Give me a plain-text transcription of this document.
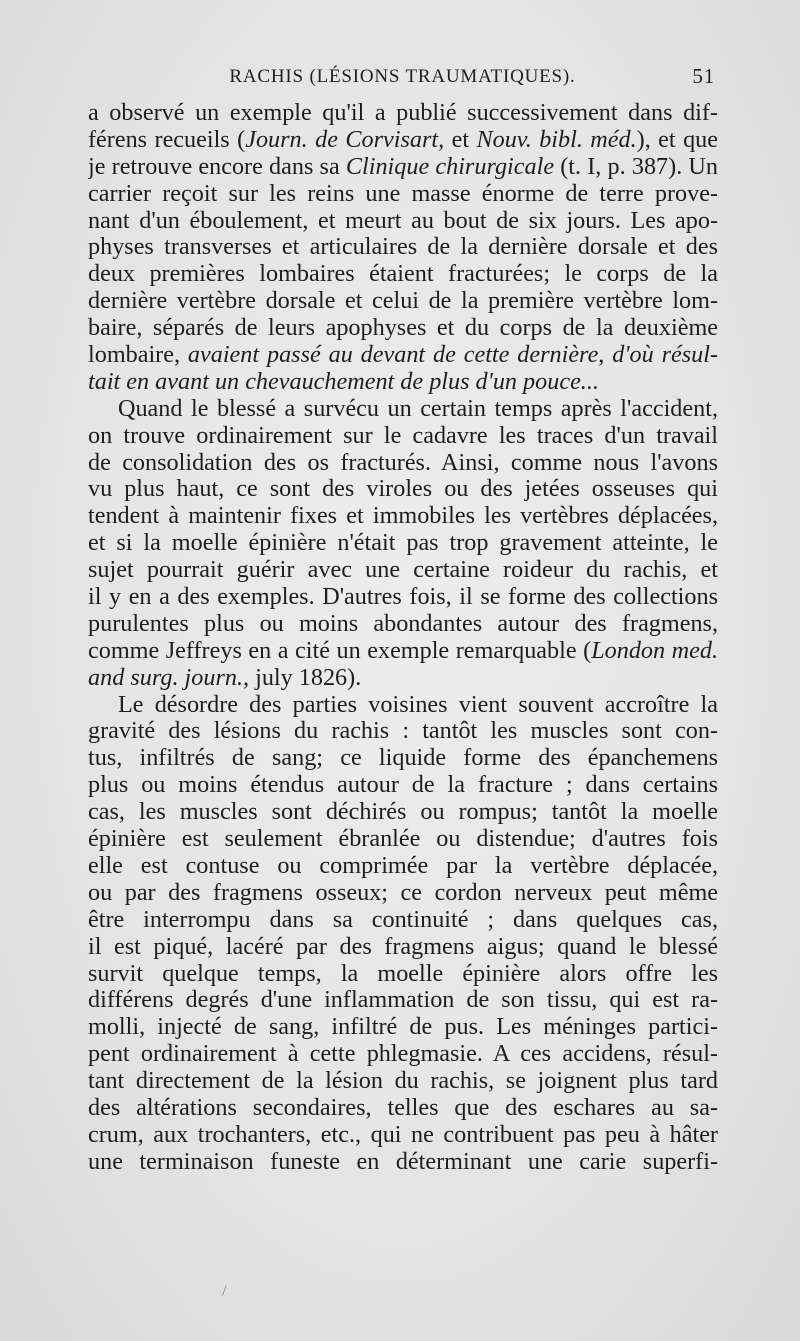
RACHIS (LÉSIONS TRAUMATIQUES).	51
a observé un exemple qu'il a publié successivement dans dif-
férens recueils (Journ. de Corvisart, et Nouv. bibl. méd.), et que
je retrouve encore dans sa Clinique chirurgicale (t. I, p. 387). Un
carrier reçoit sur les reins une masse énorme de terre prove-
nant d'un éboulement, et meurt au bout de six jours. Les apo-
physes transverses et articulaires de la dernière dorsale et des
deux premières lombaires étaient fracturées; le corps de la
dernière vertèbre dorsale et celui de la première vertèbre lom-
baire, séparés de leurs apophyses et du corps de la deuxième
lombaire, avaient passé au devant de cette dernière, d'où résul-
tait en avant un chevauchement de plus d'un pouce...
Quand le blessé a survécu un certain temps après l'accident,
on trouve ordinairement sur le cadavre les traces d'un travail
de consolidation des os fracturés. Ainsi, comme nous l'avons
vu plus haut, ce sont des viroles ou des jetées osseuses qui
tendent à maintenir fixes et immobiles les vertèbres déplacées,
et si la moelle épinière n'était pas trop gravement atteinte, le
sujet pourrait guérir avec une certaine roideur du rachis, et
il y en a des exemples. D'autres fois, il se forme des collections
purulentes plus ou moins abondantes autour des fragmens,
comme Jeffreys en a cité un exemple remarquable (London med.
and surg. journ., july 1826).
Le désordre des parties voisines vient souvent accroître la
gravité des lésions du rachis : tantôt les muscles sont con-
tus, infiltrés de sang; ce liquide forme des épanchemens
plus ou moins étendus autour de la fracture ; dans certains
cas, les muscles sont déchirés ou rompus; tantôt la moelle
épinière est seulement ébranlée ou distendue; d'autres fois
elle est contuse ou comprimée par la vertèbre déplacée,
ou par des fragmens osseux; ce cordon nerveux peut même
être interrompu dans sa continuité ; dans quelques cas,
il est piqué, lacéré par des fragmens aigus; quand le blessé
survit quelque temps, la moelle épinière alors offre les
différens degrés d'une inflammation de son tissu, qui est ra-
molli, injecté de sang, infiltré de pus. Les méninges partici-
pent ordinairement à cette phlegmasie. A ces accidens, résul-
tant directement de la lésion du rachis, se joignent plus tard
des altérations secondaires, telles que des eschares au sa-
crum, aux trochanters, etc., qui ne contribuent pas peu à hâter
une terminaison funeste en déterminant une carie superfi-
/
